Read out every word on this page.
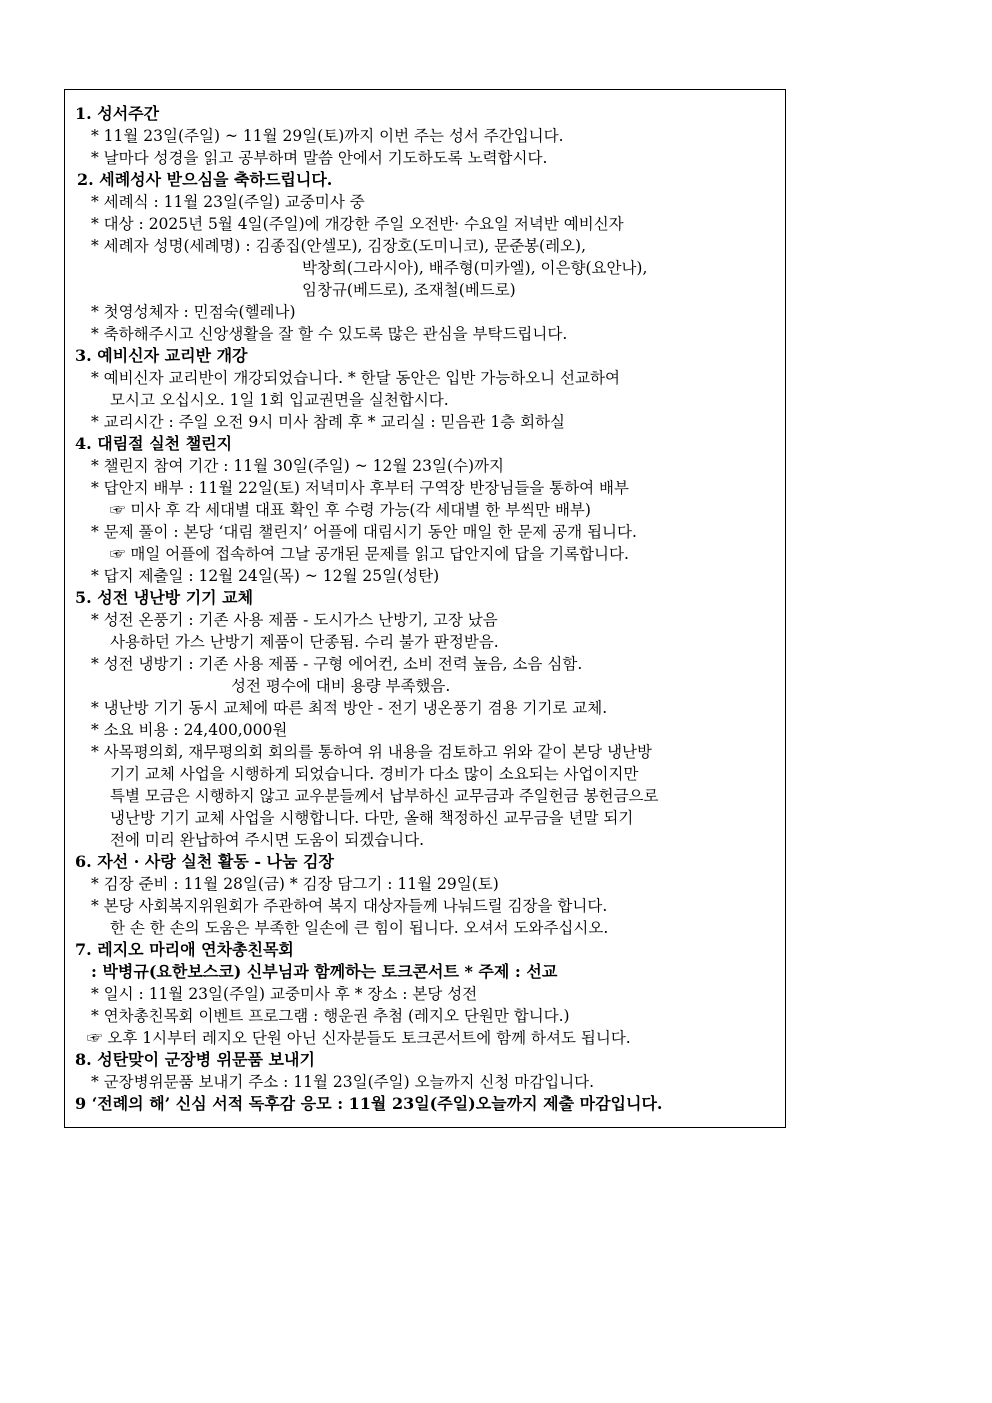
1. 성서주간
* 11월 23일(주일) ~ 11월 29일(토)까지 이번 주는 성서 주간입니다.
* 날마다 성경을 읽고 공부하며 말씀 안에서 기도하도록 노력합시다.
2. 세례성사 받으심을 축하드립니다.
* 세례식 : 11월 23일(주일) 교중미사 중
* 대상 : 2025년 5월 4일(주일)에 개강한 주일 오전반· 수요일 저녁반 예비신자
* 세례자 성명(세례명) : 김종집(안셀모), 김장호(도미니코), 문준봉(레오),
박창희(그라시아), 배주형(미카엘), 이은향(요안나),
임창규(베드로), 조재철(베드로)
* 첫영성체자 : 민점숙(헬레나)
* 축하해주시고 신앙생활을 잘 할 수 있도록 많은 관심을 부탁드립니다.
3. 예비신자 교리반 개강
* 예비신자 교리반이 개강되었습니다. * 한달 동안은 입반 가능하오니 선교하여
모시고 오십시오. 1일 1회 입교권면을 실천합시다.
* 교리시간 : 주일 오전 9시 미사 참례 후 * 교리실 : 믿음관 1층 회하실
4. 대림절 실천 챌린지
* 챌린지 참여 기간 : 11월 30일(주일) ~ 12월 23일(수)까지
* 답안지 배부 : 11월 22일(토) 저녁미사 후부터 구역장 반장님들을 통하여 배부
☞ 미사 후 각 세대별 대표 확인 후 수령 가능(각 세대별 한 부씩만 배부)
* 문제 풀이 : 본당 ‘대림 챌린지’ 어플에 대림시기 동안 매일 한 문제 공개 됩니다.
☞ 매일 어플에 접속하여 그날 공개된 문제를 읽고 답안지에 답을 기록합니다.
* 답지 제출일 : 12월 24일(목) ~ 12월 25일(성탄)
5. 성전 냉난방 기기 교체
* 성전 온풍기 : 기존 사용 제품 - 도시가스 난방기, 고장 났음
사용하던 가스 난방기 제품이 단종됨. 수리 불가 판정받음.
* 성전 냉방기 : 기존 사용 제품 - 구형 에어컨, 소비 전력 높음, 소음 심함.
성전 평수에 대비 용량 부족했음.
* 냉난방 기기 동시 교체에 따른 최적 방안 - 전기 냉온풍기 겸용 기기로 교체.
* 소요 비용 : 24,400,000원
* 사목평의회, 재무평의회 회의를 통하여 위 내용을 검토하고 위와 같이 본당 냉난방
기기 교체 사업을 시행하게 되었습니다. 경비가 다소 많이 소요되는 사업이지만
특별 모금은 시행하지 않고 교우분들께서 납부하신 교무금과 주일헌금 봉헌금으로
냉난방 기기 교체 사업을 시행합니다. 다만, 올해 책정하신 교무금을 년말 되기
전에 미리 완납하여 주시면 도움이 되겠습니다.
6. 자선 · 사랑 실천 활동 - 나눔 김장
* 김장 준비 : 11월 28일(금) * 김장 담그기 : 11월 29일(토)
* 본당 사회복지위원회가 주관하여 복지 대상자들께 나눠드릴 김장을 합니다.
한 손 한 손의 도움은 부족한 일손에 큰 힘이 됩니다. 오셔서 도와주십시오.
7. 레지오 마리애 연차총친목회
: 박병규(요한보스코) 신부님과 함께하는 토크콘서트 * 주제 : 선교
* 일시 : 11월 23일(주일) 교중미사 후 * 장소 : 본당 성전
* 연차총친목회 이벤트 프로그램 : 행운권 추첨 (레지오 단원만 합니다.)
☞ 오후 1시부터 레지오 단원 아닌 신자분들도 토크콘서트에 함께 하셔도 됩니다.
8. 성탄맞이 군장병 위문품 보내기
* 군장병위문품 보내기 주소 : 11월 23일(주일) 오늘까지 신청 마감입니다.
9 ‘전례의 해’ 신심 서적 독후감 응모 : 11월 23일(주일)오늘까지 제출 마감입니다.
